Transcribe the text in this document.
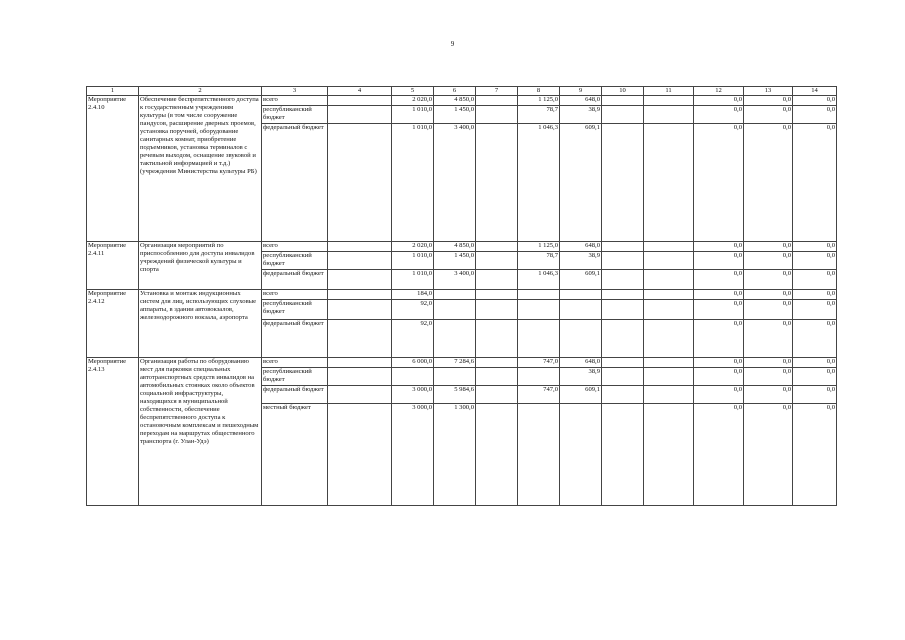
9
1	2	3	4	5	6	7	8	9	10	11	12	13	14
Мероприятие 2.4.10	Обеспечение беспрепятственного доступа к государственным учреждениям культуры (в том числе сооружение пандусов, расширение дверных проемов, установка поручней, оборудование санитарных комнат, приобретение подъемников, установка терминалов с речевым выходом, оснащение звуковой и тактильной информацией и т.д.) (учреждения Министерства культуры РБ)	всего		2 020,0	4 850,0		1 125,0	648,0			0,0	0,0	0,0
		республиканский бюджет		1 010,0	1 450,0		78,7	38,9			0,0	0,0	0,0
		федеральный бюджет		1 010,0	3 400,0		1 046,3	609,1			0,0	0,0	0,0
Мероприятие 2.4.11	Организация мероприятий по приспособлению для доступа инвалидов учреждений физической культуры и спорта	всего		2 020,0	4 850,0		1 125,0	648,0			0,0	0,0	0,0
		республиканский бюджет		1 010,0	1 450,0		78,7	38,9			0,0	0,0	0,0
		федеральный бюджет		1 010,0	3 400,0		1 046,3	609,1			0,0	0,0	0,0
Мероприятие 2.4.12	Установка и монтаж индукционных систем для лиц, использующих слуховые аппараты, в здании автовокзалов, железнодорожного вокзала, аэропорта	всего		184,0							0,0	0,0	0,0
		республиканский бюджет		92,0							0,0	0,0	0,0
		федеральный бюджет		92,0							0,0	0,0	0,0
Мероприятие 2.4.13	Организация работы по оборудованию мест для парковки специальных автотранспортных средств инвалидов на автомобильных стоянках около объектов социальной инфраструктуры, находящихся в муниципальной собственности, обеспечение беспрепятственного доступа к остановочным комплексам и пешеходным переходам на маршрутах общественного транспорта (г. Улан-Удэ)	всего		6 000,0	7 284,6		747,0	648,0			0,0	0,0	0,0
		республиканский бюджет						38,9			0,0	0,0	0,0
		федеральный бюджет		3 000,0	5 984,6		747,0	609,1			0,0	0,0	0,0
		местный бюджет		3 000,0	1 300,0						0,0	0,0	0,0
